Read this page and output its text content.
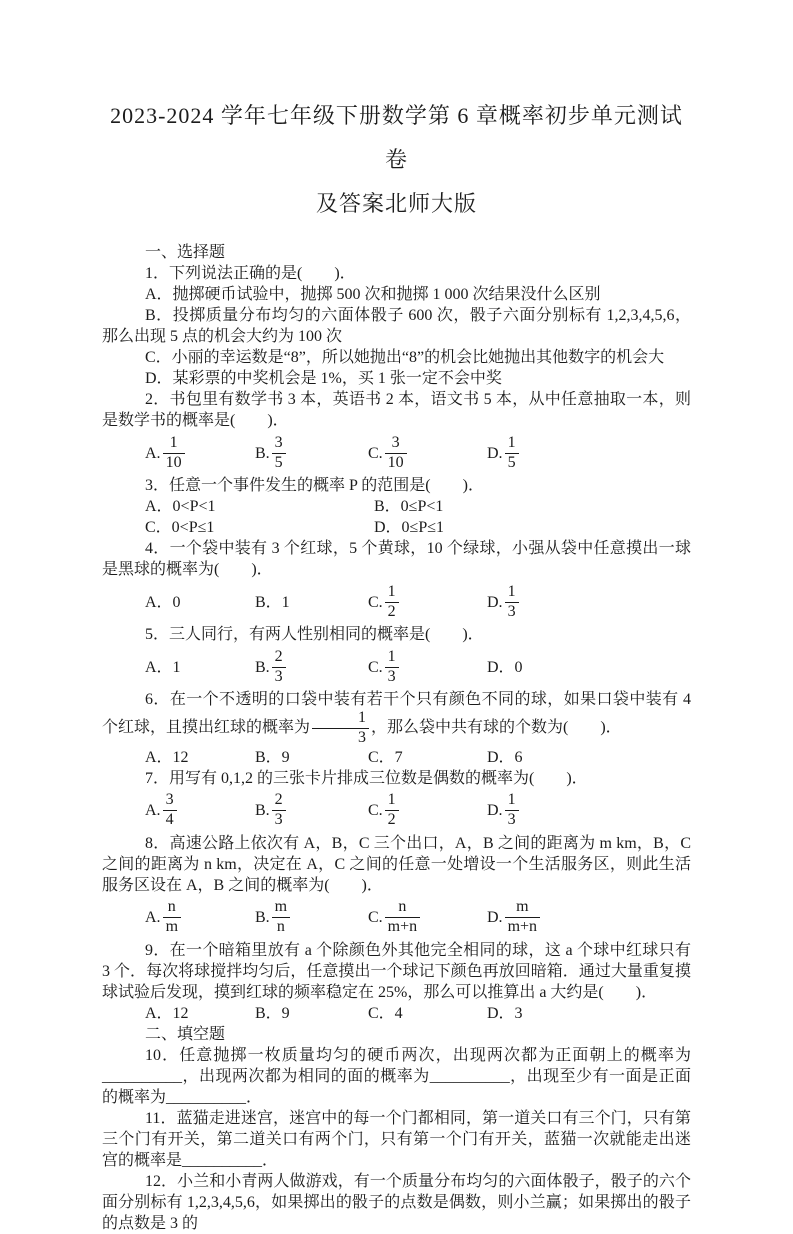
2023-2024 学年七年级下册数学第 6 章概率初步单元测试卷
及答案北师大版

一、选择题

1．下列说法正确的是(　　)．

A．抛掷硬币试验中，抛掷 500 次和抛掷 1 000 次结果没什么区别

B．投掷质量分布均匀的六面体骰子 600 次，骰子六面分别标有 1,2,3,4,5,6，那么出现 5 点的机会大约为 100 次

C．小丽的幸运数是“8”，所以她抛出“8”的机会比她抛出其他数字的机会大

D．某彩票的中奖机会是 1%，买 1 张一定不会中奖

2．书包里有数学书 3 本，英语书 2 本，语文书 5 本，从中任意抽取一本，则是数学书的概率是(　　)．

A. $\frac{1}{10}$	B. $\frac{3}{5}$	C. $\frac{3}{10}$	D. $\frac{1}{5}$

3．任意一个事件发生的概率 P 的范围是(　　)．

A．0<P<1	B．0≤P<1
C．0<P≤1	D．0≤P≤1

4．一个袋中装有 3 个红球，5 个黄球，10 个绿球，小强从袋中任意摸出一球是黑球的概率为(　　)．

A．0	B．1	C. $\frac{1}{2}$	D. $\frac{1}{3}$

5．三人同行，有两人性别相同的概率是(　　)．

A．1	B. $\frac{2}{3}$	C. $\frac{1}{3}$	D．0

6．在一个不透明的口袋中装有若干个只有颜色不同的球，如果口袋中装有 4 个红球，且摸出红球的概率为 $\frac{1}{3}$ ，那么袋中共有球的个数为(　　)．

A．12	B．9	C．7	D．6

7．用写有 0,1,2 的三张卡片排成三位数是偶数的概率为(　　)．

A. $\frac{3}{4}$	B. $\frac{2}{3}$	C. $\frac{1}{2}$	D. $\frac{1}{3}$

8．高速公路上依次有 A，B，C 三个出口，A，B 之间的距离为 m km，B，C 之间的距离为 n km，决定在 A，C 之间的任意一处增设一个生活服务区，则此生活服务区设在 A，B 之间的概率为(　　)．

A. $\frac{n}{m}$	B. $\frac{m}{n}$	C. $\frac{n}{m+n}$	D. $\frac{m}{m+n}$

9．在一个暗箱里放有 a 个除颜色外其他完全相同的球，这 a 个球中红球只有 3 个．每次将球搅拌均匀后，任意摸出一个球记下颜色再放回暗箱．通过大量重复摸球试验后发现，摸到红球的频率稳定在 25%，那么可以推算出 a 大约是(　　)．

A．12	B．9	C．4	D．3

二、填空题

10．任意抛掷一枚质量均匀的硬币两次，出现两次都为正面朝上的概率为__________，出现两次都为相同的面的概率为__________，出现至少有一面是正面的概率为__________．

11．蓝猫走进迷宫，迷宫中的每一个门都相同，第一道关口有三个门，只有第三个门有开关，第二道关口有两个门，只有第一个门有开关，蓝猫一次就能走出迷宫的概率是__________．

12．小兰和小青两人做游戏，有一个质量分布均匀的六面体骰子，骰子的六个面分别标有 1,2,3,4,5,6，如果掷出的骰子的点数是偶数，则小兰赢；如果掷出的骰子的点数是 3 的
